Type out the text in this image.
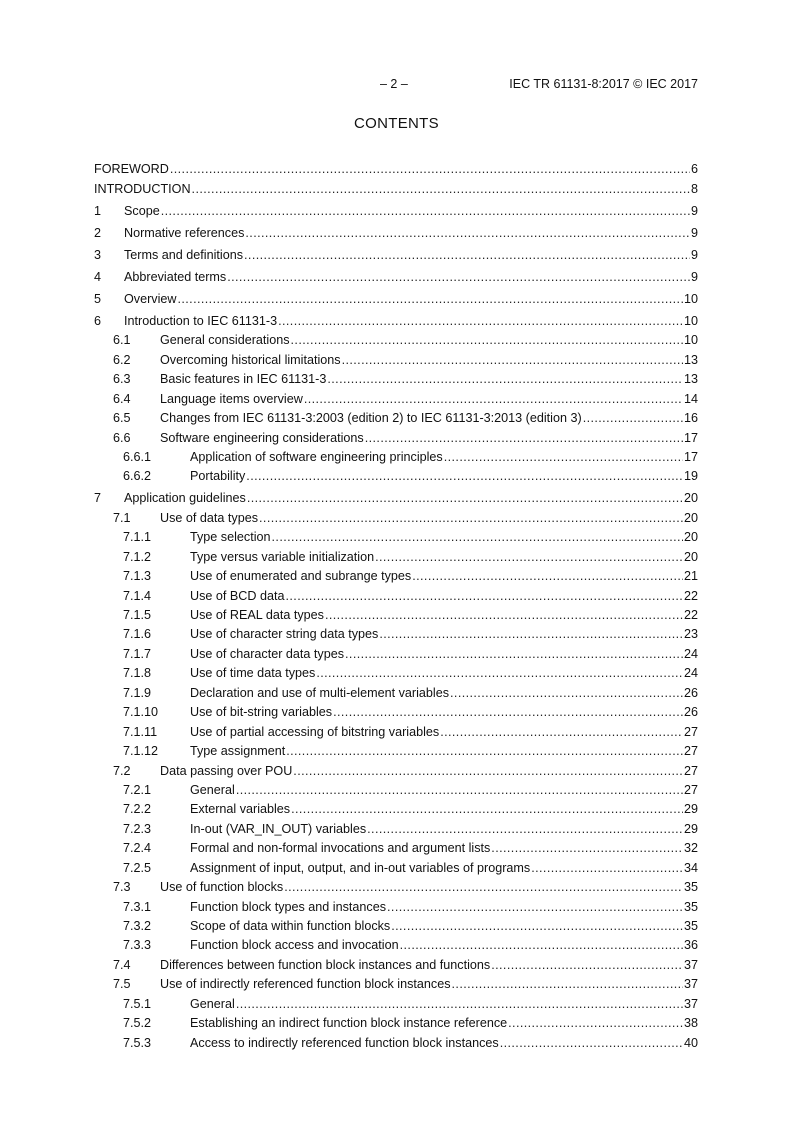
– 2 –	IEC TR 61131-8:2017 © IEC 2017
CONTENTS
FOREWORD .....	6
INTRODUCTION .....	8
1	Scope .....	9
2	Normative references .....	9
3	Terms and definitions .....	9
4	Abbreviated terms .....	9
5	Overview .....	10
6	Introduction to IEC 61131-3 .....	10
6.1	General considerations .....	10
6.2	Overcoming historical limitations .....	13
6.3	Basic features in IEC 61131-3 .....	13
6.4	Language items overview .....	14
6.5	Changes from IEC 61131-3:2003 (edition 2) to IEC 61131-3:2013 (edition 3) .....	16
6.6	Software engineering considerations .....	17
6.6.1	Application of software engineering principles .....	17
6.6.2	Portability .....	19
7	Application guidelines .....	20
7.1	Use of data types .....	20
7.1.1	Type selection .....	20
7.1.2	Type versus variable initialization .....	20
7.1.3	Use of enumerated and subrange types .....	21
7.1.4	Use of BCD data .....	22
7.1.5	Use of REAL data types .....	22
7.1.6	Use of character string data types .....	23
7.1.7	Use of character data types .....	24
7.1.8	Use of time data types .....	24
7.1.9	Declaration and use of multi-element variables .....	26
7.1.10	Use of bit-string variables .....	26
7.1.11	Use of partial accessing of bitstring variables .....	27
7.1.12	Type assignment .....	27
7.2	Data passing over POU .....	27
7.2.1	General .....	27
7.2.2	External variables .....	29
7.2.3	In-out (VAR_IN_OUT) variables .....	29
7.2.4	Formal and non-formal invocations and argument lists .....	32
7.2.5	Assignment of input, output, and in-out variables of programs .....	34
7.3	Use of function blocks .....	35
7.3.1	Function block types and instances .....	35
7.3.2	Scope of data within function blocks .....	35
7.3.3	Function block access and invocation .....	36
7.4	Differences between function block instances and functions .....	37
7.5	Use of indirectly referenced function block instances .....	37
7.5.1	General .....	37
7.5.2	Establishing an indirect function block instance reference .....	38
7.5.3	Access to indirectly referenced function block instances .....	40
